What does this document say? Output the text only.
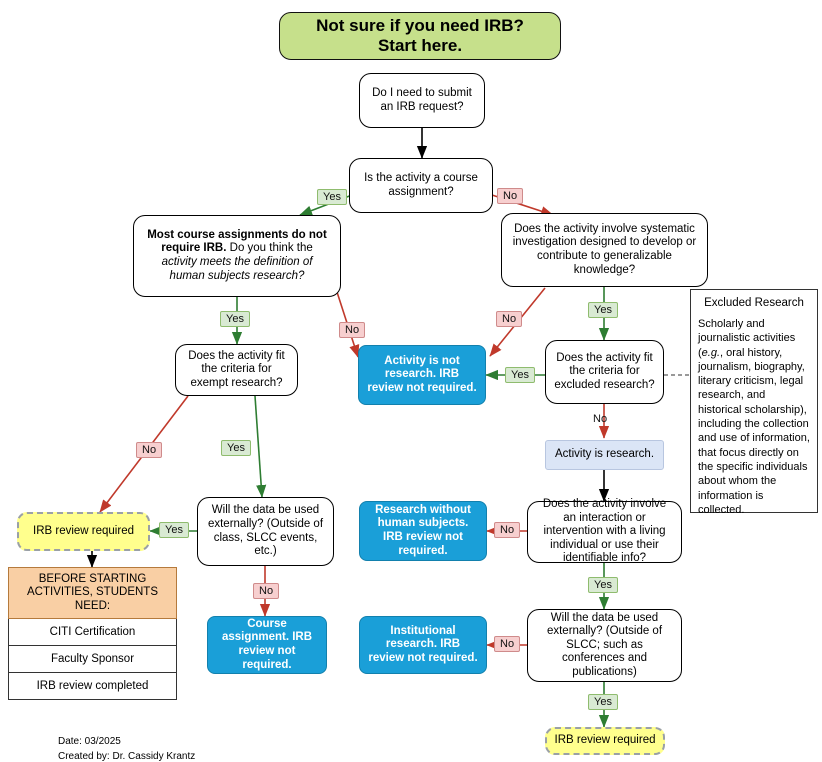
Not sure if you need IRB?
Start here.
Do I need to submit an IRB request?
Is the activity a course assignment?
Most course assignments do not require IRB. Do you think the activity meets the definition of human subjects research?
Does the activity involve systematic investigation designed to develop or contribute to generalizable knowledge?
Excluded Research
Scholarly and journalistic activities (e.g., oral history, journalism, biography, literary criticism, legal research, and historical scholarship), including the collection and use of information, that focus directly on the specific individuals about whom the information is collected.
Does the activity fit the criteria for exempt research?
Does the activity fit the criteria for excluded research?
Activity is not research. IRB review not required.
Activity is research.
Does the activity involve an interaction or intervention with a living individual or use their identifiable info?
Will the data be used externally? (Outside of class, SLCC events, etc.)
Research without human subjects. IRB review not required.
IRB review required
BEFORE STARTING ACTIVITIES, STUDENTS
NEED:
CITI Certification
Faculty Sponsor
IRB review completed
Course assignment. IRB review not required.
Institutional research. IRB review not required.
Will the data be used externally? (Outside of SLCC; such as conferences and publications)
IRB review required
Yes	No
Yes
No
Yes
No
Yes
No
No	Yes
Yes
No
No
Yes
No
Yes
Date: 03/2025
Created by: Dr. Cassidy Krantz
